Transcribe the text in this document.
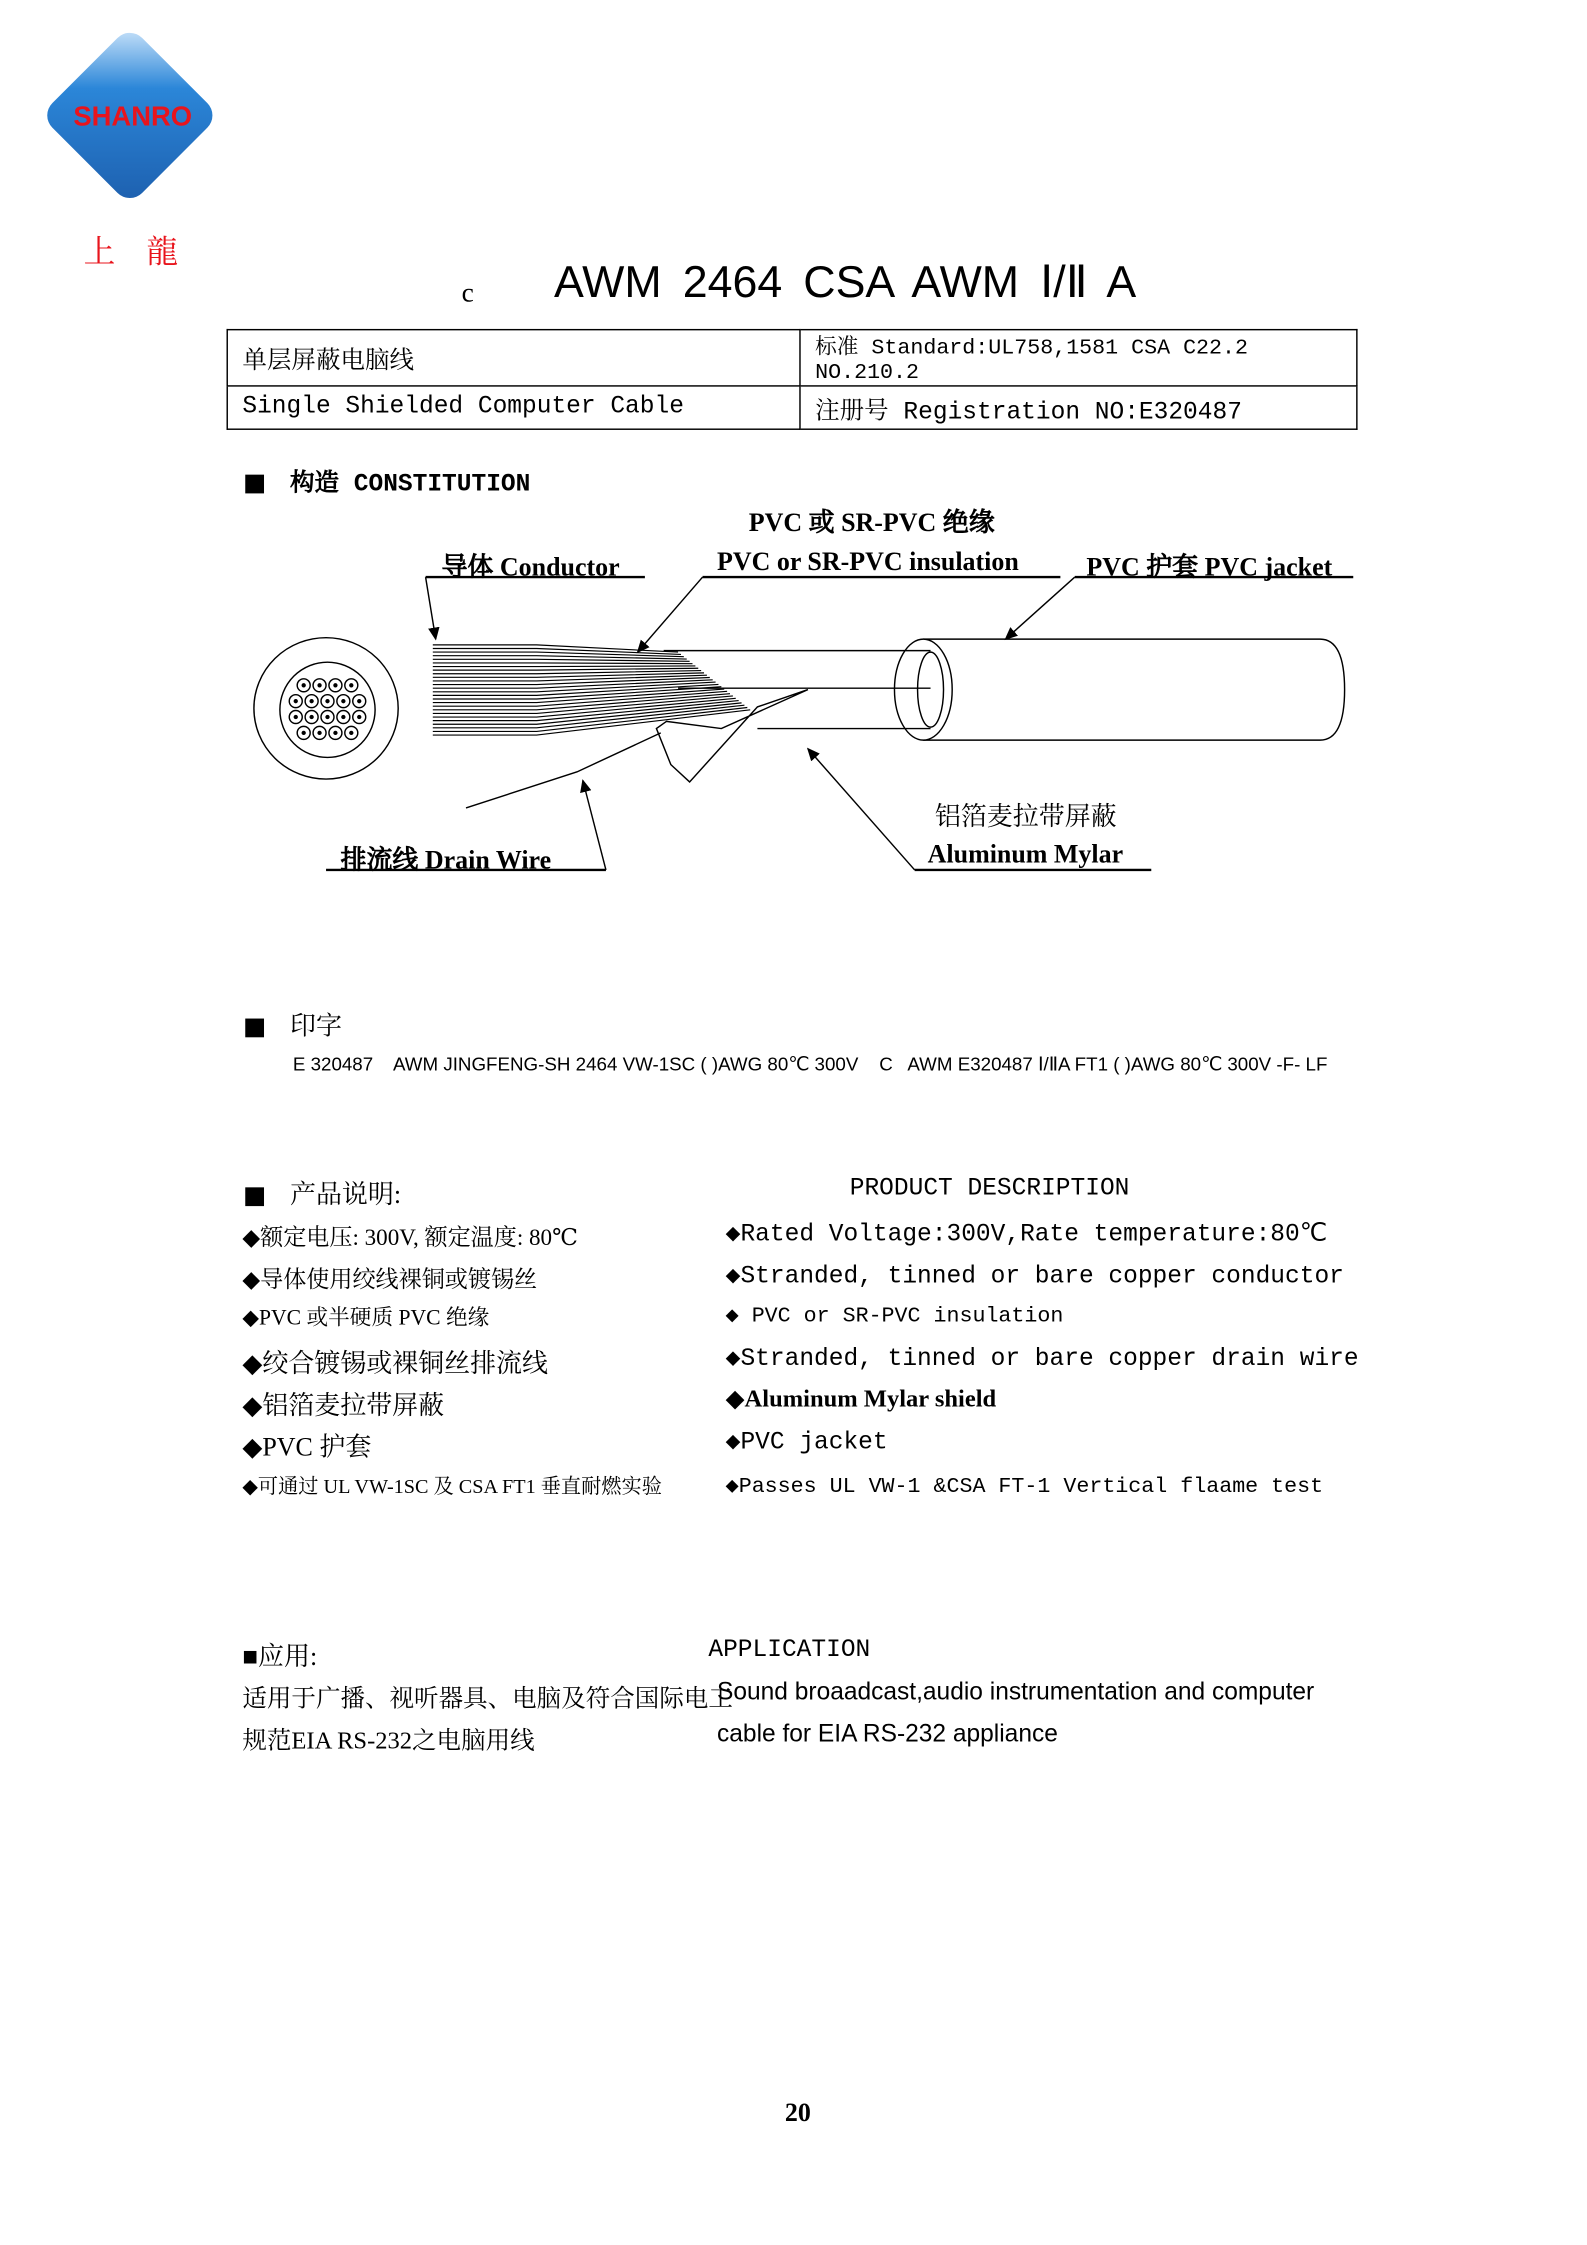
SHANRO
上 龍
c	AWM 2464 CSA AWM Ⅰ/Ⅱ A
单层屏蔽电脑线	标准 Standard:UL758,1581 CSA C22.2 NO.210.2
Single Shielded Computer Cable	注册号 Registration NO:E320487
构造 CONSTITUTION
PVC 或 SR-PVC 绝缘
导体 Conductor	PVC or SR-PVC insulation	PVC 护套 PVC jacket
排流线 Drain Wire
铝箔麦拉带屏蔽
Aluminum Mylar
印字
E 320487    AWM JINGFENG-SH 2464 VW-1SC ( )AWG 80℃ 300V    C   AWM E320487 Ⅰ/ⅡA FT1 ( )AWG 80℃ 300V -F- LF
产品说明:	PRODUCT DESCRIPTION
◆额定电压: 300V, 额定温度: 80℃
◆导体使用绞线裸铜或镀锡丝
◆PVC 或半硬质 PVC 绝缘
◆绞合镀锡或裸铜丝排流线
◆铝箔麦拉带屏蔽
◆PVC 护套
◆可通过 UL VW-1SC 及 CSA FT1 垂直耐燃实验
◆Rated Voltage:300V,Rate temperature:80℃
◆Stranded, tinned or bare copper conductor
◆ PVC or SR-PVC insulation
◆Stranded, tinned or bare copper drain wire
◆Aluminum Mylar shield
◆PVC jacket
◆Passes UL VW-1 &CSA FT-1 Vertical flaame test
■应用:	APPLICATION
适用于广播、视听器具、电脑及符合国际电工
规范EIA RS-232之电脑用线
Sound broaadcast,audio instrumentation and computer
cable for EIA RS-232 appliance
20
